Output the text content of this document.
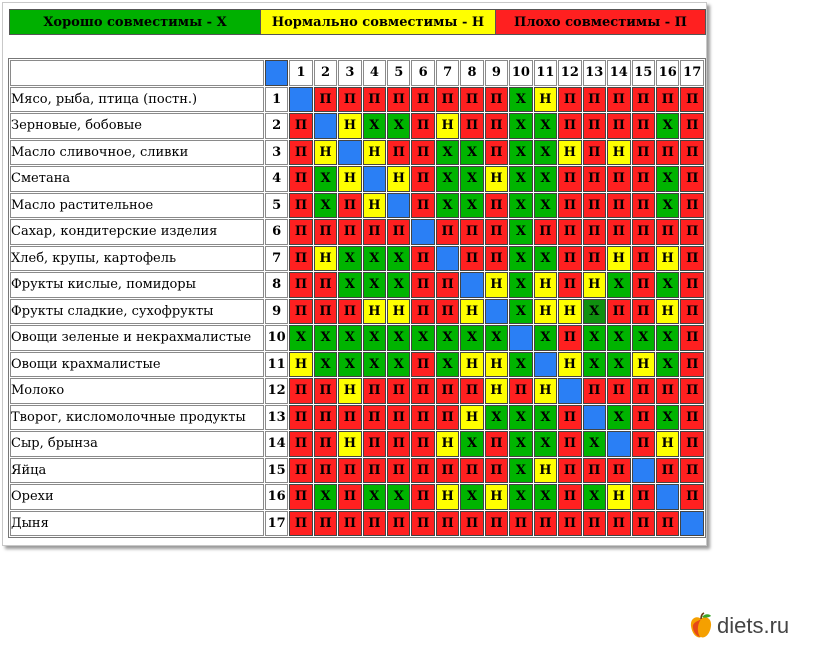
Хорошо совместимы - Х	Нормально совместимы - Н	Плохо совместимы - П
		1	2	3	4	5	6	7	8	9	10	11	12	13	14	15	16	17
Мясо, рыба, птица (постн.)	1		П	П	П	П	П	П	П	П	Х	Н	П	П	П	П	П	П
Зерновые, бобовые	2	П		Н	Х	Х	П	Н	П	П	Х	Х	П	П	П	П	Х	П
Масло сливочное, сливки	3	П	Н		Н	П	П	Х	Х	П	Х	Х	Н	П	Н	П	П	П
Сметана	4	П	Х	Н		Н	П	Х	Х	Н	Х	Х	П	П	П	П	Х	П
Масло растительное	5	П	Х	П	Н		П	Х	Х	П	Х	Х	П	П	П	П	Х	П
Сахар, кондитерские изделия	6	П	П	П	П	П		П	П	П	Х	П	П	П	П	П	П	П
Хлеб, крупы, картофель	7	П	Н	Х	Х	Х	П		П	П	Х	Х	П	П	Н	П	Н	П
Фрукты кислые, помидоры	8	П	П	Х	Х	Х	П	П		Н	Х	Н	П	Н	Х	П	Х	П
Фрукты сладкие, сухофрукты	9	П	П	П	Н	Н	П	П	Н		Х	Н	Н	Х	П	П	Н	П
Овощи зеленые и некрахмалистые	10	Х	Х	Х	Х	Х	Х	Х	Х	Х		Х	П	Х	Х	Х	Х	П
Овощи крахмалистые	11	Н	Х	Х	Х	Х	П	Х	Н	Н	Х		Н	Х	Х	Н	Х	П
Молоко	12	П	П	Н	П	П	П	П	П	Н	П	Н		П	П	П	П	П
Творог, кисломолочные продукты	13	П	П	П	П	П	П	П	Н	Х	Х	Х	П		Х	П	Х	П
Сыр, брынза	14	П	П	Н	П	П	П	Н	Х	П	Х	Х	П	Х		П	Н	П
Яйца	15	П	П	П	П	П	П	П	П	П	Х	Н	П	П	П		П	П
Орехи	16	П	Х	П	Х	Х	П	Н	Х	Н	Х	Х	П	Х	Н	П		П
Дыня	17	П	П	П	П	П	П	П	П	П	П	П	П	П	П	П	П	
diets.ru
